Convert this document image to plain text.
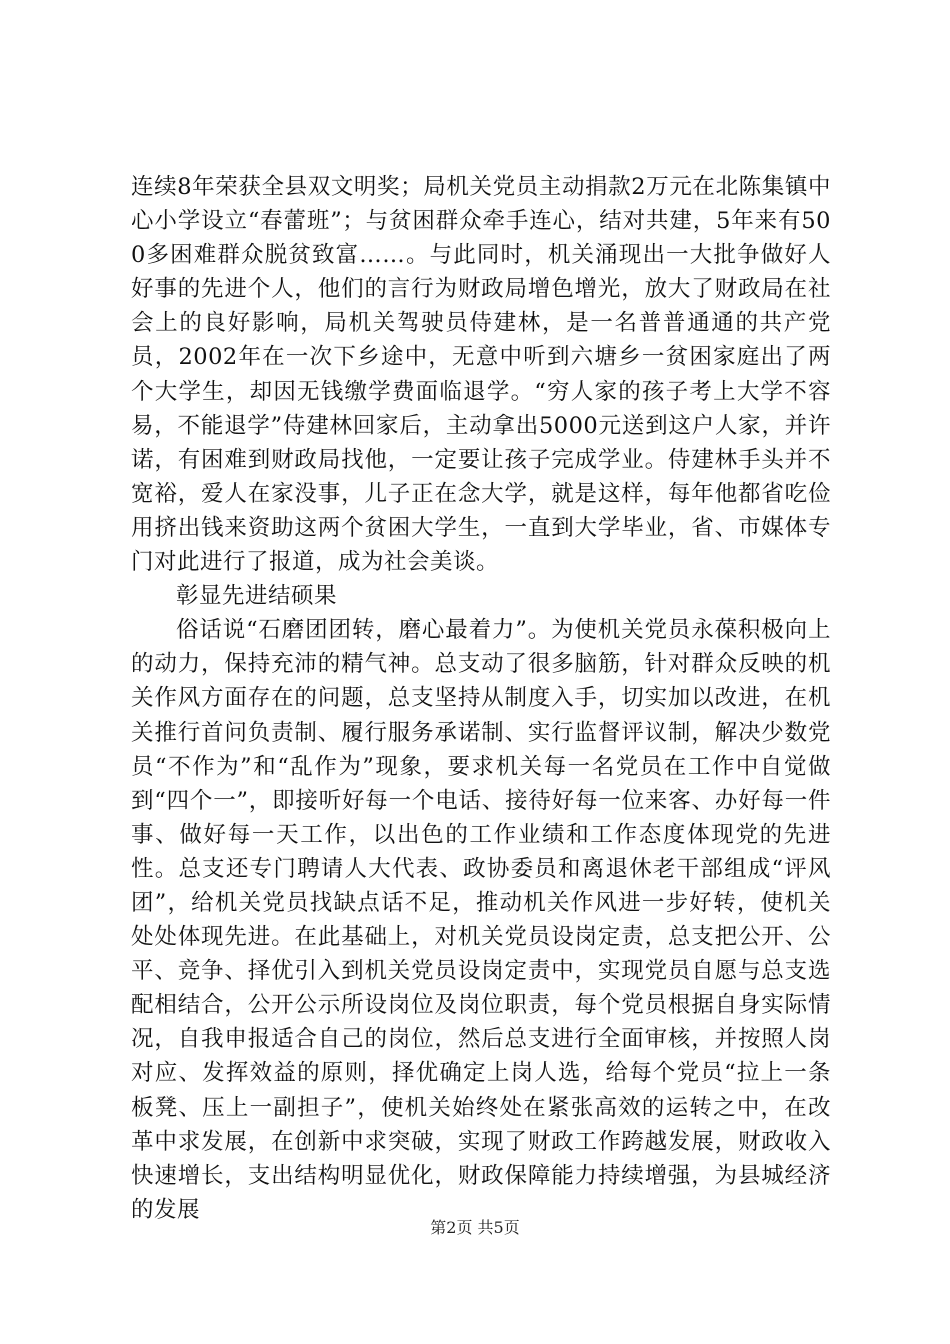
连续8年荣获全县双文明奖；局机关党员主动捐款2万元在北陈集镇中心小学设立“春蕾班”；与贫困群众牵手连心，结对共建，5年来有500多困难群众脱贫致富……。与此同时，机关涌现出一大批争做好人好事的先进个人，他们的言行为财政局增色增光，放大了财政局在社会上的良好影响，局机关驾驶员侍建林，是一名普普通通的共产党员，2002年在一次下乡途中，无意中听到六塘乡一贫困家庭出了两个大学生，却因无钱缴学费面临退学。“穷人家的孩子考上大学不容易，不能退学”侍建林回家后，主动拿出5000元送到这户人家，并许诺，有困难到财政局找他，一定要让孩子完成学业。侍建林手头并不宽裕，爱人在家没事，儿子正在念大学，就是这样，每年他都省吃俭用挤出钱来资助这两个贫困大学生，一直到大学毕业，省、市媒体专门对此进行了报道，成为社会美谈。

彰显先进结硕果

俗话说“石磨团团转，磨心最着力”。为使机关党员永葆积极向上的动力，保持充沛的精气神。总支动了很多脑筋，针对群众反映的机关作风方面存在的问题，总支坚持从制度入手，切实加以改进，在机关推行首问负责制、履行服务承诺制、实行监督评议制，解决少数党员“不作为”和“乱作为”现象，要求机关每一名党员在工作中自觉做到“四个一”，即接听好每一个电话、接待好每一位来客、办好每一件事、做好每一天工作，以出色的工作业绩和工作态度体现党的先进性。总支还专门聘请人大代表、政协委员和离退休老干部组成“评风团”，给机关党员找缺点话不足，推动机关作风进一步好转，使机关处处体现先进。在此基础上，对机关党员设岗定责，总支把公开、公平、竞争、择优引入到机关党员设岗定责中，实现党员自愿与总支选配相结合，公开公示所设岗位及岗位职责，每个党员根据自身实际情况，自我申报适合自己的岗位，然后总支进行全面审核，并按照人岗对应、发挥效益的原则，择优确定上岗人选，给每个党员“拉上一条板凳、压上一副担子”，使机关始终处在紧张高效的运转之中，在改革中求发展，在创新中求突破，实现了财政工作跨越发展，财政收入快速增长，支出结构明显优化，财政保障能力持续增强，为县城经济的发展

第2页 共5页
